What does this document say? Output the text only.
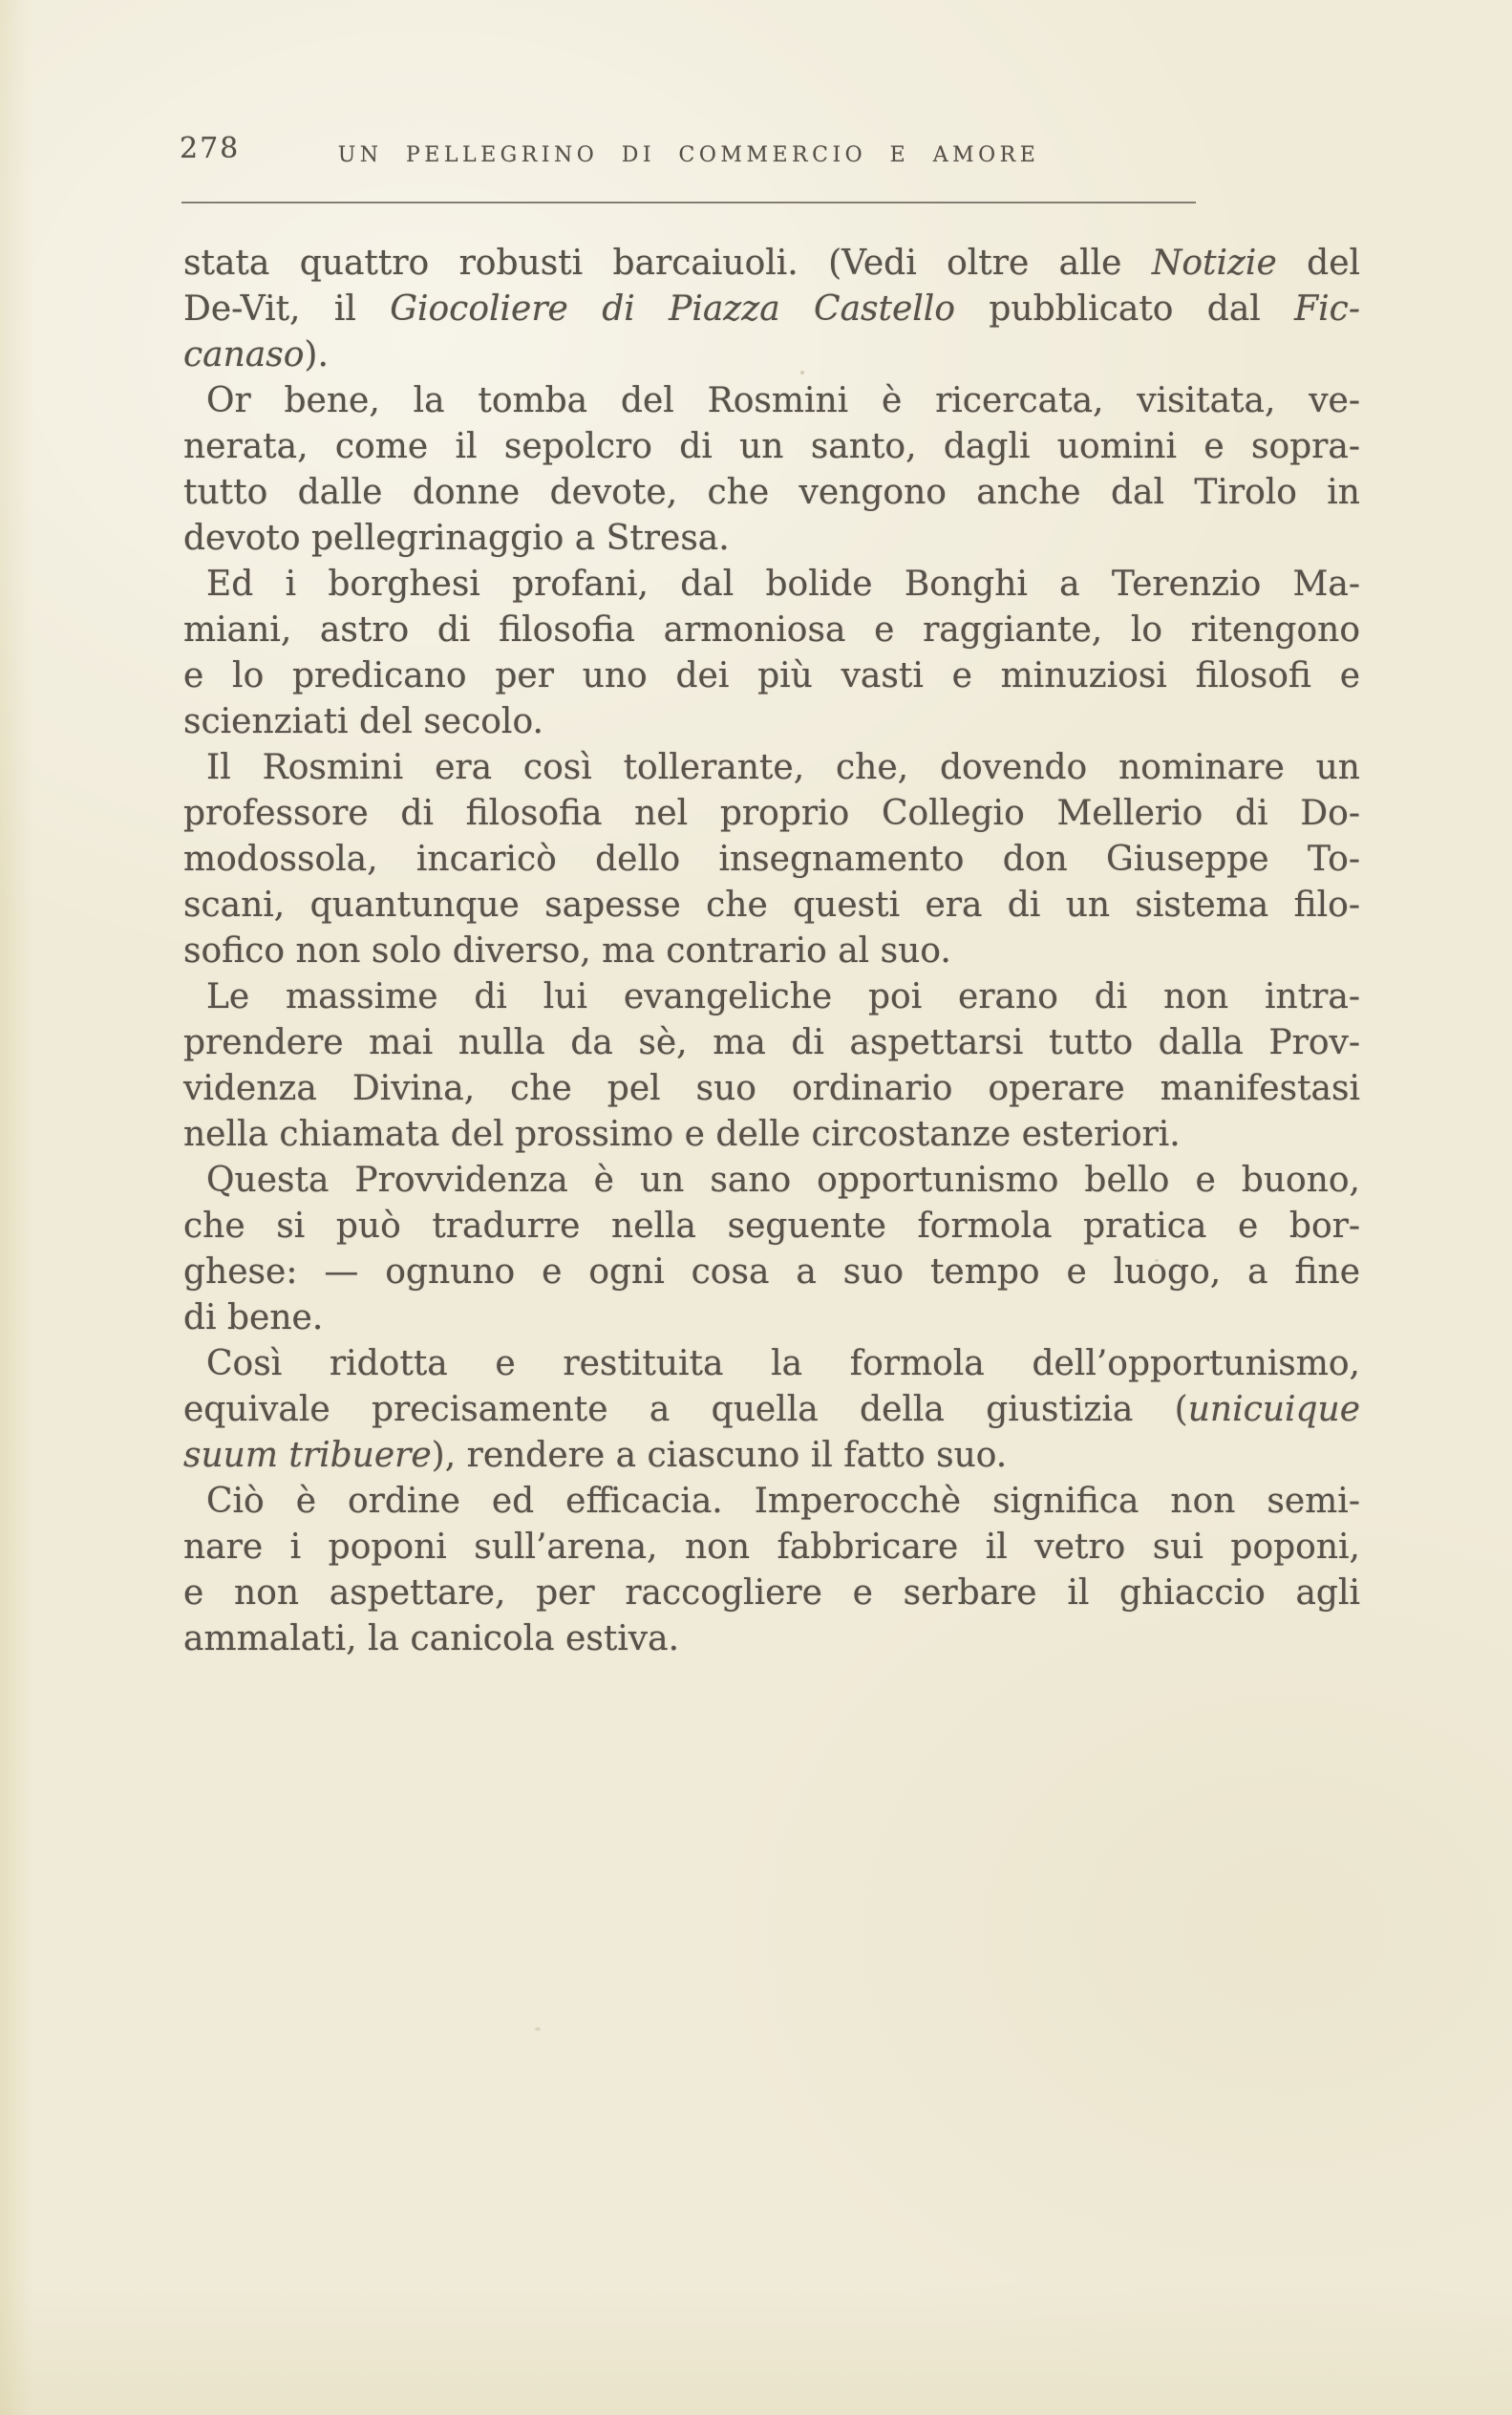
278	UN PELLEGRINO DI COMMERCIO E AMORE
stata quattro robusti barcaiuoli. (Vedi oltre alle Notizie del
De-Vit, il Giocoliere di Piazza Castello pubblicato dal Fic-
canaso).
Or bene, la tomba del Rosmini è ricercata, visitata, ve-
nerata, come il sepolcro di un santo, dagli uomini e sopra-
tutto dalle donne devote, che vengono anche dal Tirolo in
devoto pellegrinaggio a Stresa.
Ed i borghesi profani, dal bolide Bonghi a Terenzio Ma-
miani, astro di filosofia armoniosa e raggiante, lo ritengono
e lo predicano per uno dei più vasti e minuziosi filosofi e
scienziati del secolo.
Il Rosmini era così tollerante, che, dovendo nominare un
professore di filosofia nel proprio Collegio Mellerio di Do-
modossola, incaricò dello insegnamento don Giuseppe To-
scani, quantunque sapesse che questi era di un sistema filo-
sofico non solo diverso, ma contrario al suo.
Le massime di lui evangeliche poi erano di non intra-
prendere mai nulla da sè, ma di aspettarsi tutto dalla Prov-
videnza Divina, che pel suo ordinario operare manifestasi
nella chiamata del prossimo e delle circostanze esteriori.
Questa Provvidenza è un sano opportunismo bello e buono,
che si può tradurre nella seguente formola pratica e bor-
ghese: — ognuno e ogni cosa a suo tempo e luogo, a fine
di bene.
Così ridotta e restituita la formola dell’opportunismo,
equivale precisamente a quella della giustizia (unicuique
suum tribuere), rendere a ciascuno il fatto suo.
Ciò è ordine ed efficacia. Imperocchè significa non semi-
nare i poponi sull’arena, non fabbricare il vetro sui poponi,
e non aspettare, per raccogliere e serbare il ghiaccio agli
ammalati, la canicola estiva.
